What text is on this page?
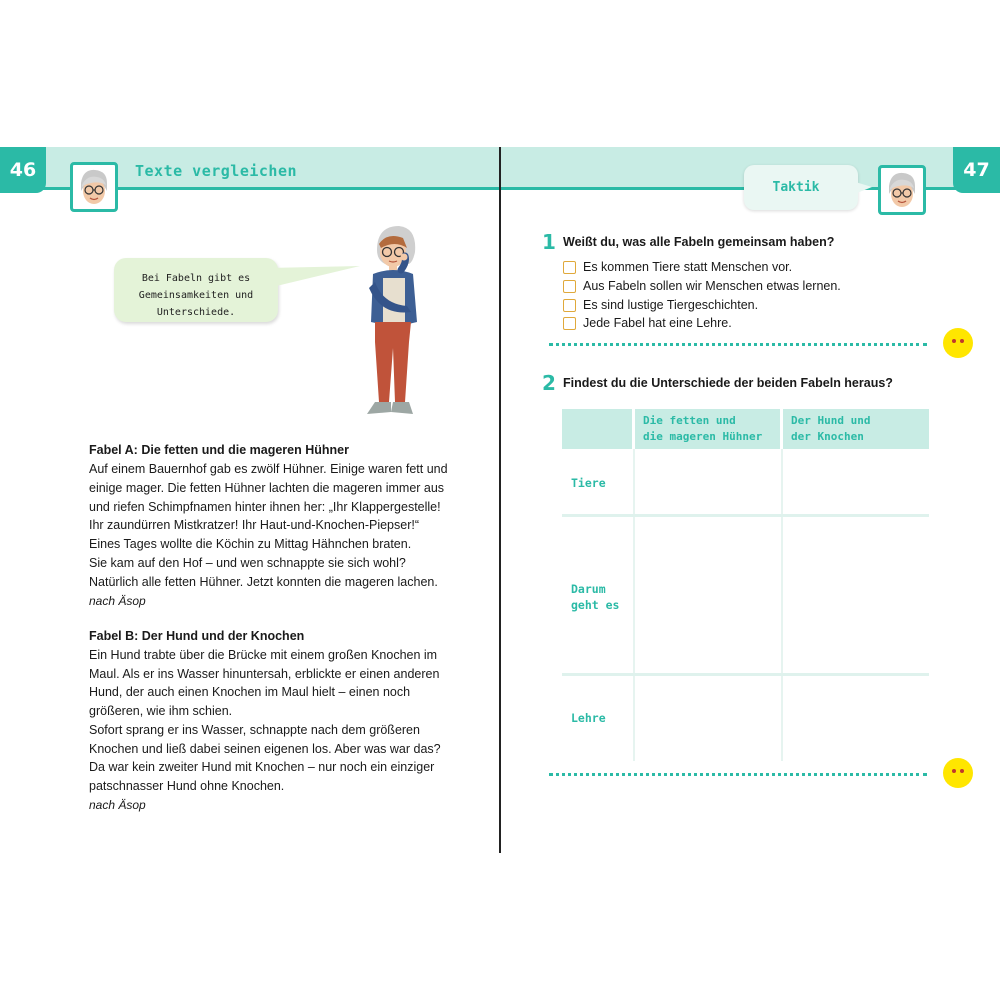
46	47
Texte vergleichen
Taktik
Bei Fabeln gibt es
Gemeinsamkeiten und
Unterschiede.
Fabel A: Die fetten und die mageren Hühner
Auf einem Bauernhof gab es zwölf Hühner. Einige waren fett und
einige mager. Die fetten Hühner lachten die mageren immer aus
und riefen Schimpfnamen hinter ihnen her: „Ihr Klappergestelle!
Ihr zaundürren Mistkratzer! Ihr Haut-und-Knochen-Piepser!“
Eines Tages wollte die Köchin zu Mittag Hähnchen braten.
Sie kam auf den Hof – und wen schnappte sie sich wohl?
Natürlich alle fetten Hühner. Jetzt konnten die mageren lachen.
nach Äsop
Fabel B: Der Hund und der Knochen
Ein Hund trabte über die Brücke mit einem großen Knochen im
Maul. Als er ins Wasser hinuntersah, erblickte er einen anderen
Hund, der auch einen Knochen im Maul hielt – einen noch
größeren, wie ihm schien.
Sofort sprang er ins Wasser, schnappte nach dem größeren
Knochen und ließ dabei seinen eigenen los. Aber was war das?
Da war kein zweiter Hund mit Knochen – nur noch ein einziger
patschnasser Hund ohne Knochen.
nach Äsop
1 Weißt du, was alle Fabeln gemeinsam haben?
Es kommen Tiere statt Menschen vor.
Aus Fabeln sollen wir Menschen etwas lernen.
Es sind lustige Tiergeschichten.
Jede Fabel hat eine Lehre.
2 Findest du die Unterschiede der beiden Fabeln heraus?
Die fetten und
die mageren Hühner
Der Hund und
der Knochen
Tiere
Darum
geht es
Lehre
